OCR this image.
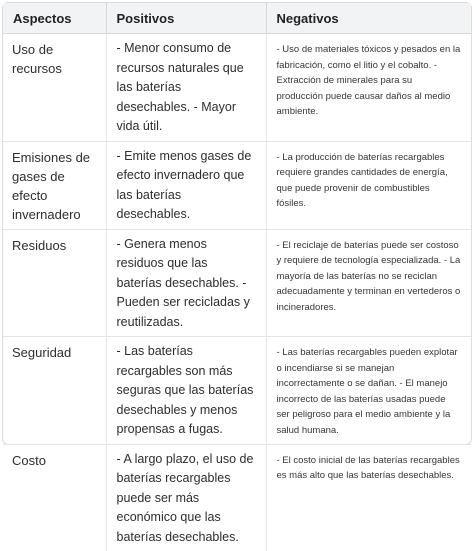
Aspectos	Positivos	Negativos
Uso de recursos	- Menor consumo de recursos naturales que las baterías desechables. - Mayor vida útil.	- Uso de materiales tóxicos y pesados en la fabricación, como el litio y el cobalto. - Extracción de minerales para su producción puede causar daños al medio ambiente.
Emisiones de gases de efecto invernadero	- Emite menos gases de efecto invernadero que las baterías desechables.	- La producción de baterías recargables requiere grandes cantidades de energía, que puede provenir de combustibles fósiles.
Residuos	- Genera menos residuos que las baterías desechables. - Pueden ser recicladas y reutilizadas.	- El reciclaje de baterías puede ser costoso y requiere de tecnología especializada. - La mayoría de las baterías no se reciclan adecuadamente y terminan en vertederos o incineradores.
Seguridad	- Las baterías recargables son más seguras que las baterías desechables y menos propensas a fugas.	- Las baterías recargables pueden explotar o incendiarse si se manejan incorrectamente o se dañan. - El manejo incorrecto de las baterías usadas puede ser peligroso para el medio ambiente y la salud humana.
Costo	- A largo plazo, el uso de baterías recargables puede ser más económico que las baterías desechables.	- El costo inicial de las baterías recargables es más alto que las baterías desechables.
